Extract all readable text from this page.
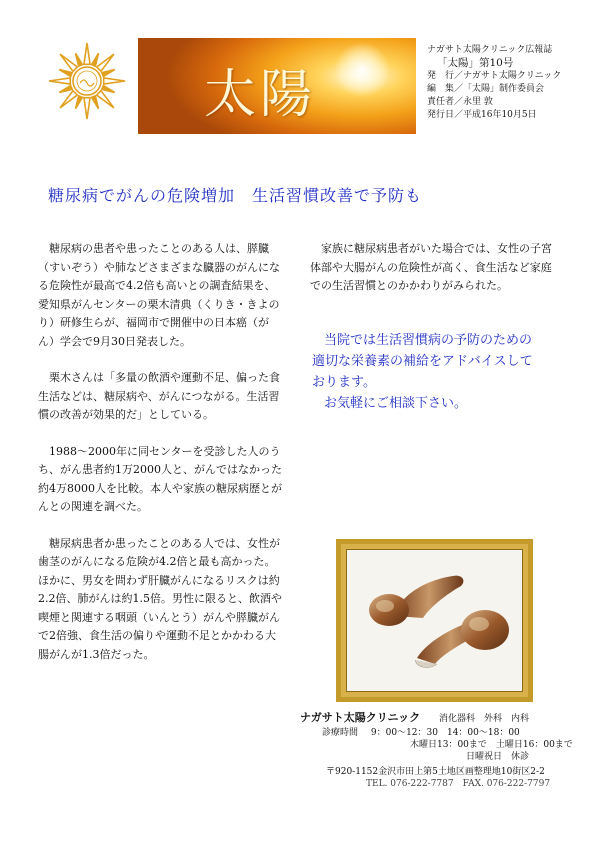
太陽
ナガサト太陽クリニック広報誌
「太陽」第10号
発　行／ナガサト太陽クリニック
編　集／「太陽」制作委員会
責任者／永里 敦
発行日／平成16年10月5日
糖尿病でがんの危険増加　生活習慣改善で予防も

糖尿病の患者や患ったことのある人は、膵臓（すいぞう）や肺などさまざまな臓器のがんになる危険性が最高で4.2倍も高いとの調査結果を、愛知県がんセンターの栗木清典（くりき・きよのり）研修生らが、福岡市で開催中の日本癌（がん）学会で9月30日発表した。

栗木さんは「多量の飲酒や運動不足、偏った食生活などは、糖尿病や、がんにつながる。生活習慣の改善が効果的だ」としている。

1988～2000年に同センターを受診した人のうち、がん患者約1万2000人と、がんではなかった約4万8000人を比較。本人や家族の糖尿病歴とがんとの関連を調べた。

糖尿病患者か患ったことのある人では、女性が歯茎のがんになる危険が4.2倍と最も高かった。ほかに、男女を問わず肝臓がんになるリスクは約2.2倍、肺がんは約1.5倍。男性に限ると、飲酒や喫煙と関連する咽頭（いんとう）がんや膵臓がんで2倍強、食生活の偏りや運動不足とかかわる大腸がんが1.3倍だった。

家族に糖尿病患者がいた場合では、女性の子宮体部や大腸がんの危険性が高く、食生活など家庭での生活習慣とのかかわりがみられた。

当院では生活習慣病の予防のための
適切な栄養素の補給をアドバイスして
おります。
お気軽にご相談下さい。
ナガサト太陽クリニック 消化器科　外科　内科
診療時間 9：00～12：30　14：00～18：00
木曜日13：00まで　土曜日16：00まで
日曜祝日　休診
〒920-1152金沢市田上第5土地区画整理地10街区2-2
TEL. 076-222-7787　FAX. 076-222-7797
